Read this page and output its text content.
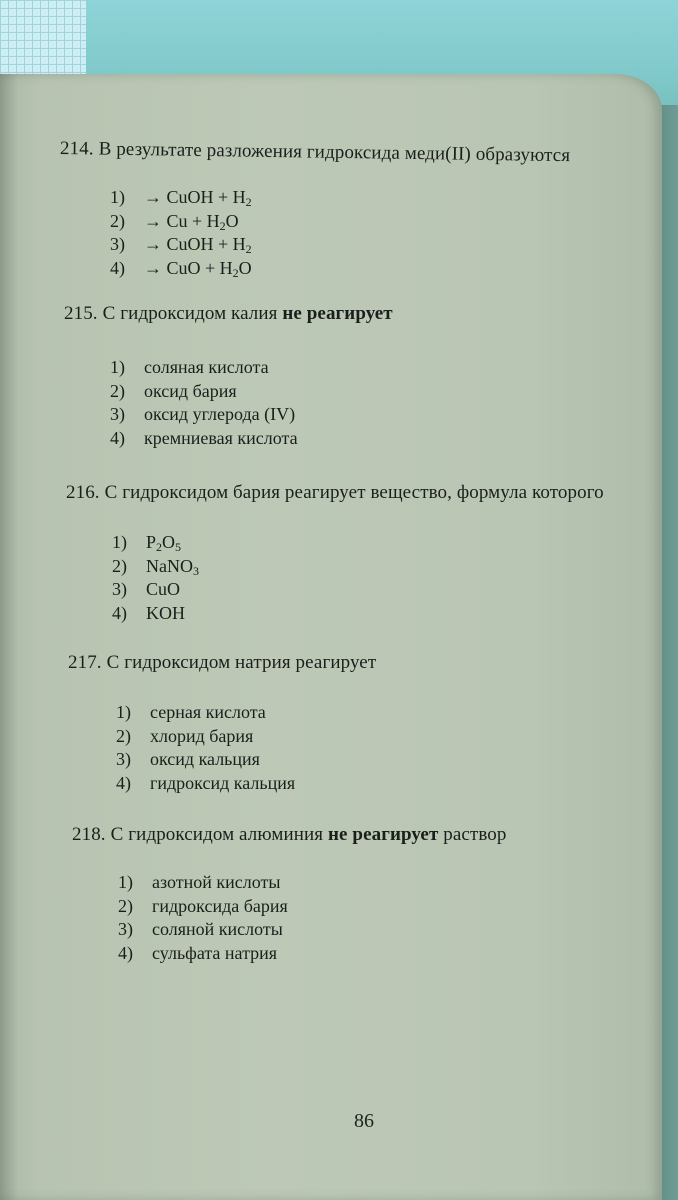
214. В результате разложения гидроксида меди(II) образуются
1) → CuOH + $H_2$
$2) \to Cu + H_2O$
3) → CuOH + $H_2$
4) → CuO + $H_2O$
215. С гидроксидом калия не реагирует
1) соляная кислота
2) оксид бария
3) оксид углерода (IV)
4) кремниевая кислота
216. С гидроксидом бария реагирует вещество, формула которого
1) $P_2O_5$
2) NaNO$_3$
3) CuO
4) KOH
217. С гидроксидом натрия реагирует
1) серная кислота
2) хлорид бария
3) оксид кальция
4) гидроксид кальция
218. С гидроксидом алюминия не реагирует раствор
1) азотной кислоты
2) гидроксида бария
3) соляной кислоты
4) сульфата натрия
86
